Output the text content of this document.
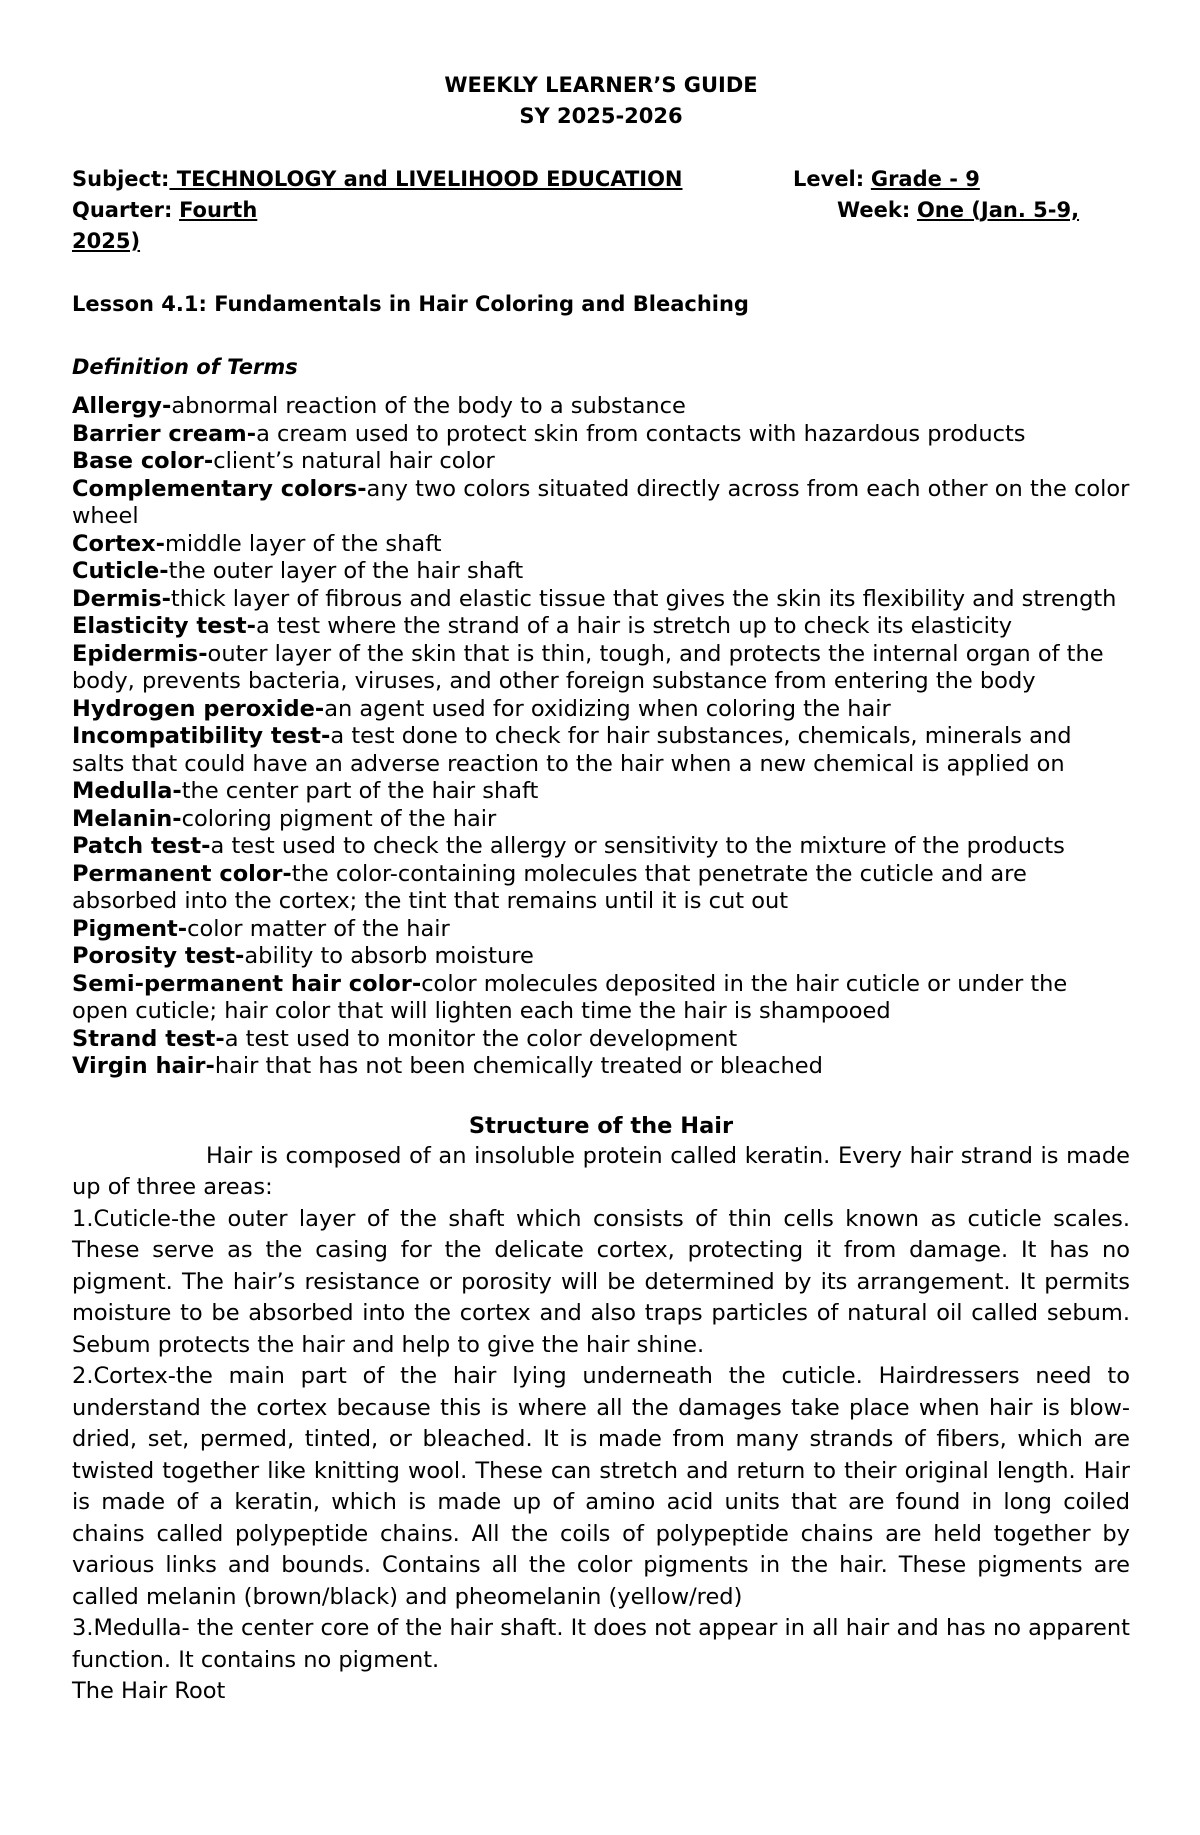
WEEKLY LEARNER’S GUIDE
SY 2025-2026
Subject: TECHNOLOGY and LIVELIHOOD EDUCATION	Level: Grade - 9
Quarter: Fourth	Week: One (Jan. 5-9,
2025)
Lesson 4.1: Fundamentals in Hair Coloring and Bleaching
Definition of Terms

Allergy-abnormal reaction of the body to a substance

Barrier cream-a cream used to protect skin from contacts with hazardous products

Base color-client’s natural hair color

Complementary colors-any two colors situated directly across from each other on the color wheel

Cortex-middle layer of the shaft

Cuticle-the outer layer of the hair shaft

Dermis-thick layer of fibrous and elastic tissue that gives the skin its flexibility and strength

Elasticity test-a test where the strand of a hair is stretch up to check its elasticity

Epidermis-outer layer of the skin that is thin, tough, and protects the internal organ of the body, prevents bacteria, viruses, and other foreign substance from entering the body

Hydrogen peroxide-an agent used for oxidizing when coloring the hair

Incompatibility test-a test done to check for hair substances, chemicals, minerals and salts that could have an adverse reaction to the hair when a new chemical is applied on

Medulla-the center part of the hair shaft

Melanin-coloring pigment of the hair

Patch test-a test used to check the allergy or sensitivity to the mixture of the products

Permanent color-the color-containing molecules that penetrate the cuticle and are absorbed into the cortex; the tint that remains until it is cut out

Pigment-color matter of the hair

Porosity test-ability to absorb moisture

Semi-permanent hair color-color molecules deposited in the hair cuticle or under the open cuticle; hair color that will lighten each time the hair is shampooed

Strand test-a test used to monitor the color development

Virgin hair-hair that has not been chemically treated or bleached

Structure of the Hair

Hair is composed of an insoluble protein called keratin. Every hair strand is made up of three areas:

1.Cuticle-the outer layer of the shaft which consists of thin cells known as cuticle scales. These serve as the casing for the delicate cortex, protecting it from damage. It has no pigment. The hair’s resistance or porosity will be determined by its arrangement. It permits moisture to be absorbed into the cortex and also traps particles of natural oil called sebum. Sebum protects the hair and help to give the hair shine.

2.Cortex-the main part of the hair lying underneath the cuticle. Hairdressers need to understand the cortex because this is where all the damages take place when hair is blow-dried, set, permed, tinted, or bleached. It is made from many strands of fibers, which are twisted together like knitting wool. These can stretch and return to their original length. Hair is made of a keratin, which is made up of amino acid units that are found in long coiled chains called polypeptide chains. All the coils of polypeptide chains are held together by various links and bounds. Contains all the color pigments in the hair. These pigments are called melanin (brown/black) and pheomelanin (yellow/red)

3.Medulla- the center core of the hair shaft. It does not appear in all hair and has no apparent function. It contains no pigment.

The Hair Root
